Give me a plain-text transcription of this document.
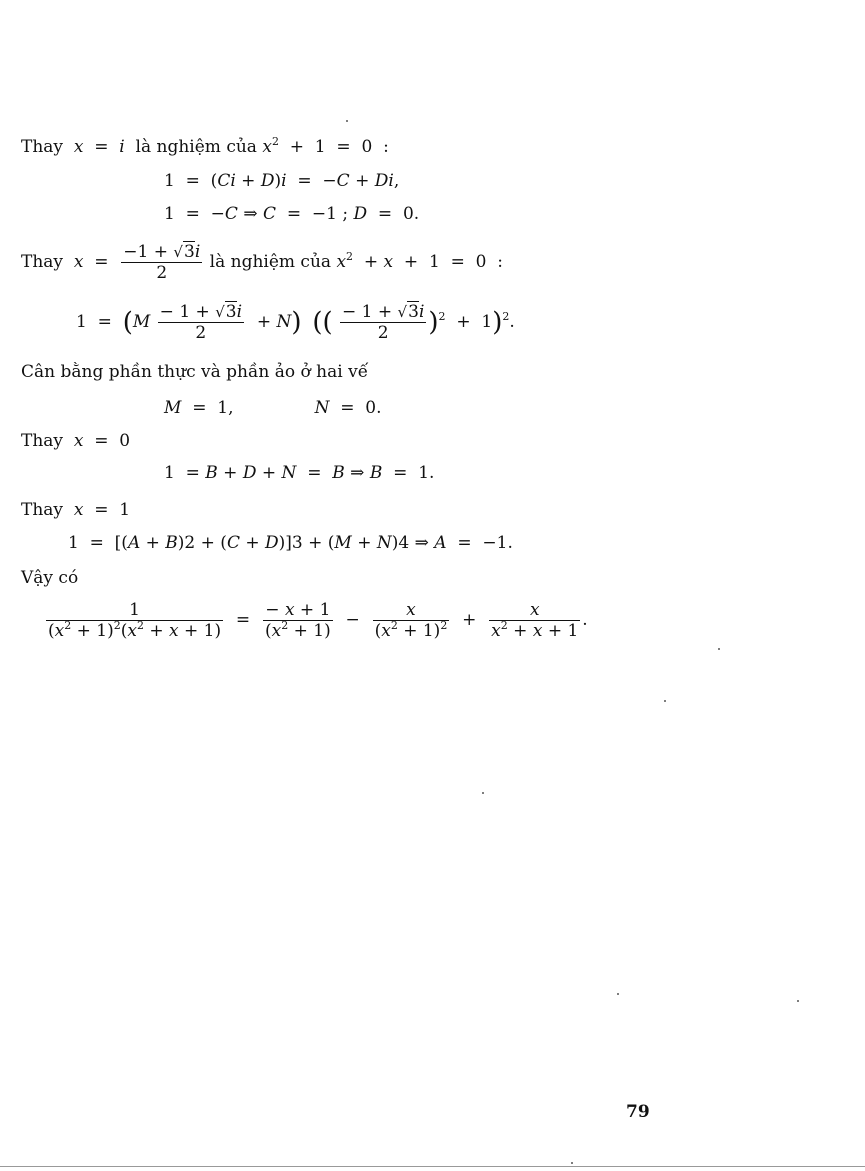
Thay x  =  i là nghiệm của $x^2 + 1 = 0$  :
1  =  (Ci + D)i  =  −C + Di,
1  =  −C ⇒ C  =  −1 ; D  =  0.
Thay $x = \frac{-1 + √3i}{2}$ là nghiệm của $x^2 + x + 1 = 0$  :
$1 = (M \frac{- 1 + √3i}{2} + N)$ (( $\frac{- 1 + √3i}{2} )^2 + 1)^2$.
Cân bằng phần thực và phần ảo ở hai vế
M  =  1,               N  =  0.
Thay x  =  0
1  = B + D + N  =  B ⇒ B  =  1.
Thay x  =  1
1  =  [(A + B)2 + (C + D)]3 + (M + N)4 ⇒ A  =  −1.
Vậy có
$\frac{1}{(x^2 + 1)^2(x^2 + x + 1)} = \frac{- x + 1}{(x^2 + 1)} - \frac{x}{(x^2 + 1)^2} + \frac{x}{x^2 + x + 1}$ .
79
